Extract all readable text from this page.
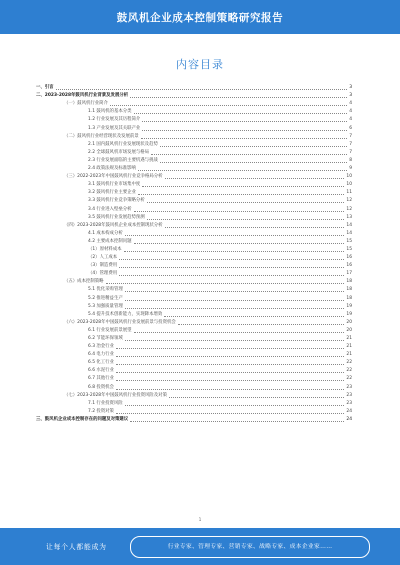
鼓风机企业成本控制策略研究报告
内容目录
一、引言	3
二、2023-2028年鼓风机行业背景及发展分析	3
（一）鼓风机行业简介	4
1.1 鼓风机的基本分类	4
1.2 行业发展及其历程简介	4
1.3 产业发展及其关联产业	6
（二）鼓风机行业经营现状及发展前景	7
2.1 国内鼓风机行业发展现状及趋势	7
2.2 全球鼓风机市场发展与格局	7
2.3 行业发展面临的主要机遇与挑战	8
2.4 政策法规及标准影响	9
（三）2022-2023年中国鼓风机行业竞争格局分析	10
3.1 鼓风机行业市场集中度	10
3.2 鼓风机行业主要企业	11
3.3 鼓风机行业竞争策略分析	12
3.4 行业进入壁垒分析	12
3.5 鼓风机行业发展趋势预测	13
（四）2023-2028年鼓风机企业成本控制现状分析	14
4.1 成本构成分析	14
4.2 主要成本控制问题	15
（1）原材料成本	15
（2）人工成本	16
（3）制造费用	16
（4）管理费用	17
（五）成本控制策略	18
5.1 优化采购管理	18
5.2 推进精益生产	18
5.3 加强质量管理	19
5.4 提升技术创新能力，实现降本增效	19
（六）2023-2028年中国鼓风机行业发展前景与投资机会	20
6.1 行业发展前景展望	20
6.2 节能环保领域	21
6.3 冶金行业	21
6.4 电力行业	21
6.5 化工行业	22
6.6 水泥行业	22
6.7 其他行业	22
6.8 投资机会	23
（七）2023-2028年中国鼓风机行业投资风险及对策	23
7.1 行业投资风险	23
7.2 投资对策	24
三、鼓风机企业成本控制存在的问题及对策建议	24
1
让每个人都能成为	行业专家、管理专家、营销专家、战略专家、成本企业家……
